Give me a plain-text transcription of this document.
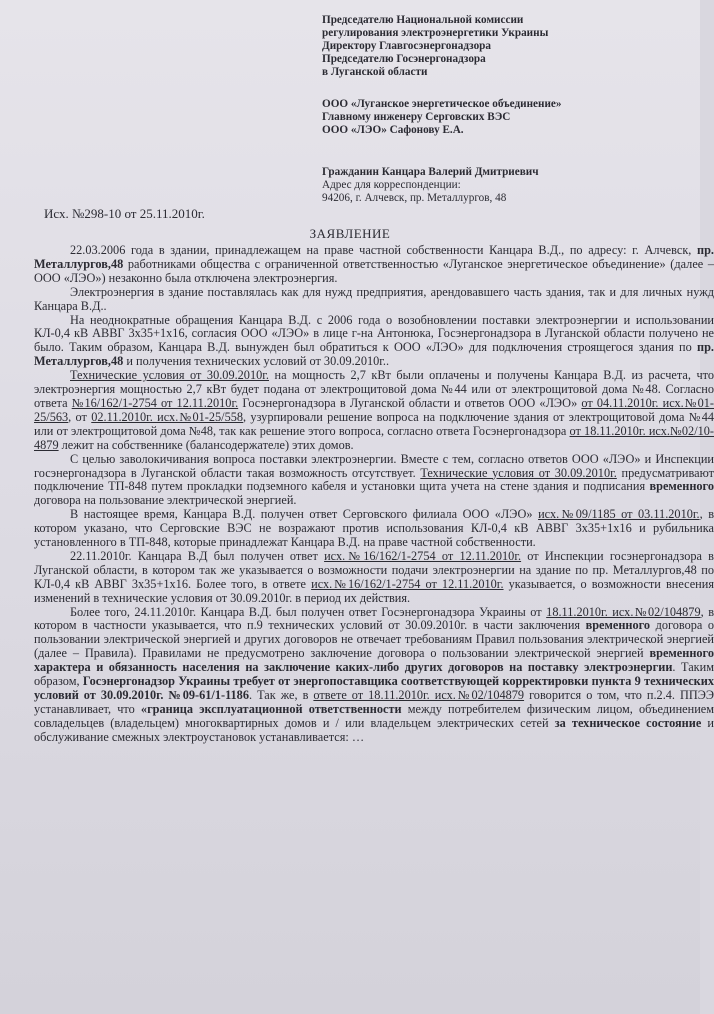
Председателю Национальной комиссии
регулирования электроэнергетики Украины
Директору Главгосэнергонадзора
Председателю Госэнергонадзора
в Луганской области
ООО «Луганское энергетическое объединение»
Главному инженеру Серговских ВЭС
ООО «ЛЭО» Сафонову Е.А.
Гражданин Канцара Валерий Дмитриевич
Адрес для корреспонденции:
94206, г. Алчевск, пр. Металлургов, 48
Исх. №298-10 от 25.11.2010г.
ЗАЯВЛЕНИЕ

22.03.2006 года в здании, принадлежащем на праве частной собственности Канцара В.Д., по адресу: г. Алчевск, пр. Металлургов,48 работниками общества с ограниченной ответственностью «Луганское энергетическое объединение» (далее – ООО «ЛЭО») незаконно была отключена электроэнергия.

Электроэнергия в здание поставлялась как для нужд предприятия, арендовавшего часть здания, так и для личных нужд Канцара В.Д..

На неоднократные обращения Канцара В.Д. с 2006 года о возобновлении поставки электроэнергии и использовании КЛ-0,4 кВ АВВГ 3х35+1х16, согласия ООО «ЛЭО» в лице г-на Антонюка, Госэнергонадзора в Луганской области получено не было. Таким образом, Канцара В.Д. вынужден был обратиться к ООО «ЛЭО» для подключения строящегося здания по пр. Металлургов,48 и получения технических условий от 30.09.2010г..

Технические условия от 30.09.2010г. на мощность 2,7 кВт были оплачены и получены Канцара В.Д. из расчета, что электроэнергия мощностью 2,7 кВт будет подана от электрощитовой дома №44 или от электрощитовой дома №48. Согласно ответа №16/162/1-2754 от 12.11.2010г. Госэнергонадзора в Луганской области и ответов ООО «ЛЭО» от 04.11.2010г. исх.№01-25/563, от 02.11.2010г. исх.№01-25/558, узурпировали решение вопроса на подключение здания от электрощитовой дома №44 или от электрощитовой дома №48, так как решение этого вопроса, согласно ответа Госэнергонадзора от 18.11.2010г. исх.№02/10-4879 лежит на собственнике (балансодержателе) этих домов.

С целью заволокичивания вопроса поставки электроэнергии. Вместе с тем, согласно ответов ООО «ЛЭО» и Инспекции госэнергонадзора в Луганской области такая возможность отсутствует. Технические условия от 30.09.2010г. предусматривают подключение ТП-848 путем прокладки подземного кабеля и установки щита учета на стене здания и подписания временного договора на пользование электрической энергией.

В настоящее время, Канцара В.Д. получен ответ Серговского филиала ООО «ЛЭО» исх.№09/1185 от 03.11.2010г., в котором указано, что Серговские ВЭС не возражают против использования КЛ-0,4 кВ АВВГ 3х35+1х16 и рубильника установленного в ТП-848, которые принадлежат Канцара В.Д. на праве частной собственности.

22.11.2010г. Канцара В.Д был получен ответ исх.№16/162/1-2754 от 12.11.2010г. от Инспекции госэнергонадзора в Луганской области, в котором так же указывается о возможности подачи электроэнергии на здание по пр. Металлургов,48 по КЛ-0,4 кВ АВВГ 3х35+1х16. Более того, в ответе исх.№16/162/1-2754 от 12.11.2010г. указывается, о возможности внесения изменений в технические условия от 30.09.2010г. в период их действия.

Более того, 24.11.2010г. Канцара В.Д. был получен ответ Госэнергонадзора Украины от 18.11.2010г. исх.№02/104879, в котором в частности указывается, что п.9 технических условий от 30.09.2010г. в части заключения временного договора о пользовании электрической энергией и других договоров не отвечает требованиям Правил пользования электрической энергией (далее – Правила). Правилами не предусмотрено заключение договора о пользовании электрической энергией временного характера и обязанность населения на заключение каких-либо других договоров на поставку электроэнергии. Таким образом, Госэнергонадзор Украины требует от энергопоставщика соответствующей корректировки пункта 9 технических условий от 30.09.2010г. №09-61/1-1186. Так же, в ответе от 18.11.2010г. исх.№02/104879 говорится о том, что п.2.4. ППЭЭ устанавливает, что «граница эксплуатационной ответственности между потребителем физическим лицом, объединением совладельцев (владельцем) многоквартирных домов и / или владельцем электрических сетей за техническое состояние и обслуживание смежных электроустановок устанавливается: …
